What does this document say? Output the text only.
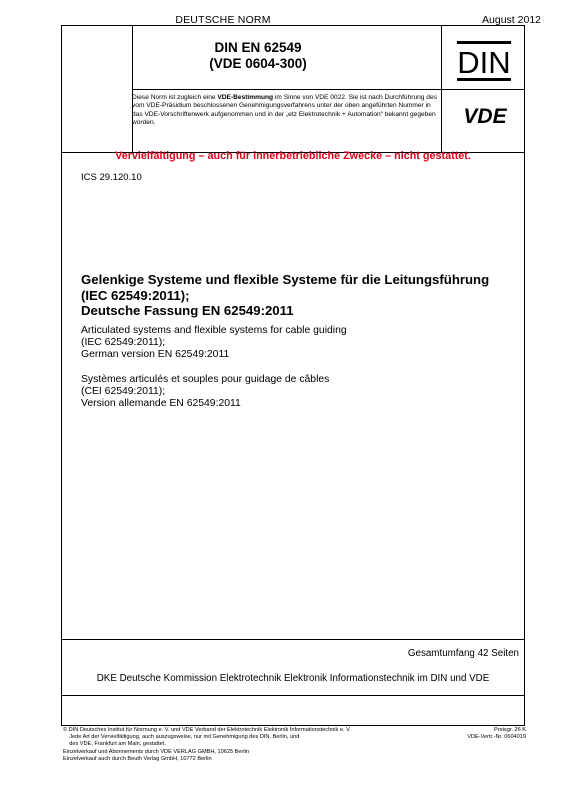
DEUTSCHE NORM	August 2012
DIN EN 62549
(VDE 0604-300)	DIN
Diese Norm ist zugleich eine VDE-Bestimmung im Sinne von VDE 0022. Sie ist nach Durchführung des vom VDE-Präsidium beschlossenen Genehmigungsverfahrens unter der oben angeführten Nummer in das VDE-Vorschriftenwerk aufgenommen und in der „etz Elektrotechnik + Automation“ bekannt gegeben worden.	VDE
Vervielfältigung – auch für innerbetriebliche Zwecke – nicht gestattet.
ICS 29.120.10
Gelenkige Systeme und flexible Systeme für die Leitungsführung
(IEC 62549:2011);
Deutsche Fassung EN 62549:2011
Articulated systems and flexible systems for cable guiding
(IEC 62549:2011);
German version EN 62549:2011
Systèmes articulés et souples pour guidage de câbles
(CEI 62549:2011);
Version allemande EN 62549:2011
Gesamtumfang 42 Seiten
DKE Deutsche Kommission Elektrotechnik Elektronik Informationstechnik im DIN und VDE
© DIN Deutsches Institut für Normung e. V. und VDE Verband der Elektrotechnik Elektronik Informationstechnik e. V.
Jede Art der Vervielfältigung, auch auszugsweise, nur mit Genehmigung des DIN, Berlin, und
des VDE, Frankfurt am Main, gestattet.
Einzelverkauf und Abonnements durch VDE VERLAG GMBH, 10625 Berlin
Einzelverkauf auch durch Beuth Verlag GmbH, 10772 Berlin
Preisgr. 26 K
VDE-Vertr.-Nr. 0604019
